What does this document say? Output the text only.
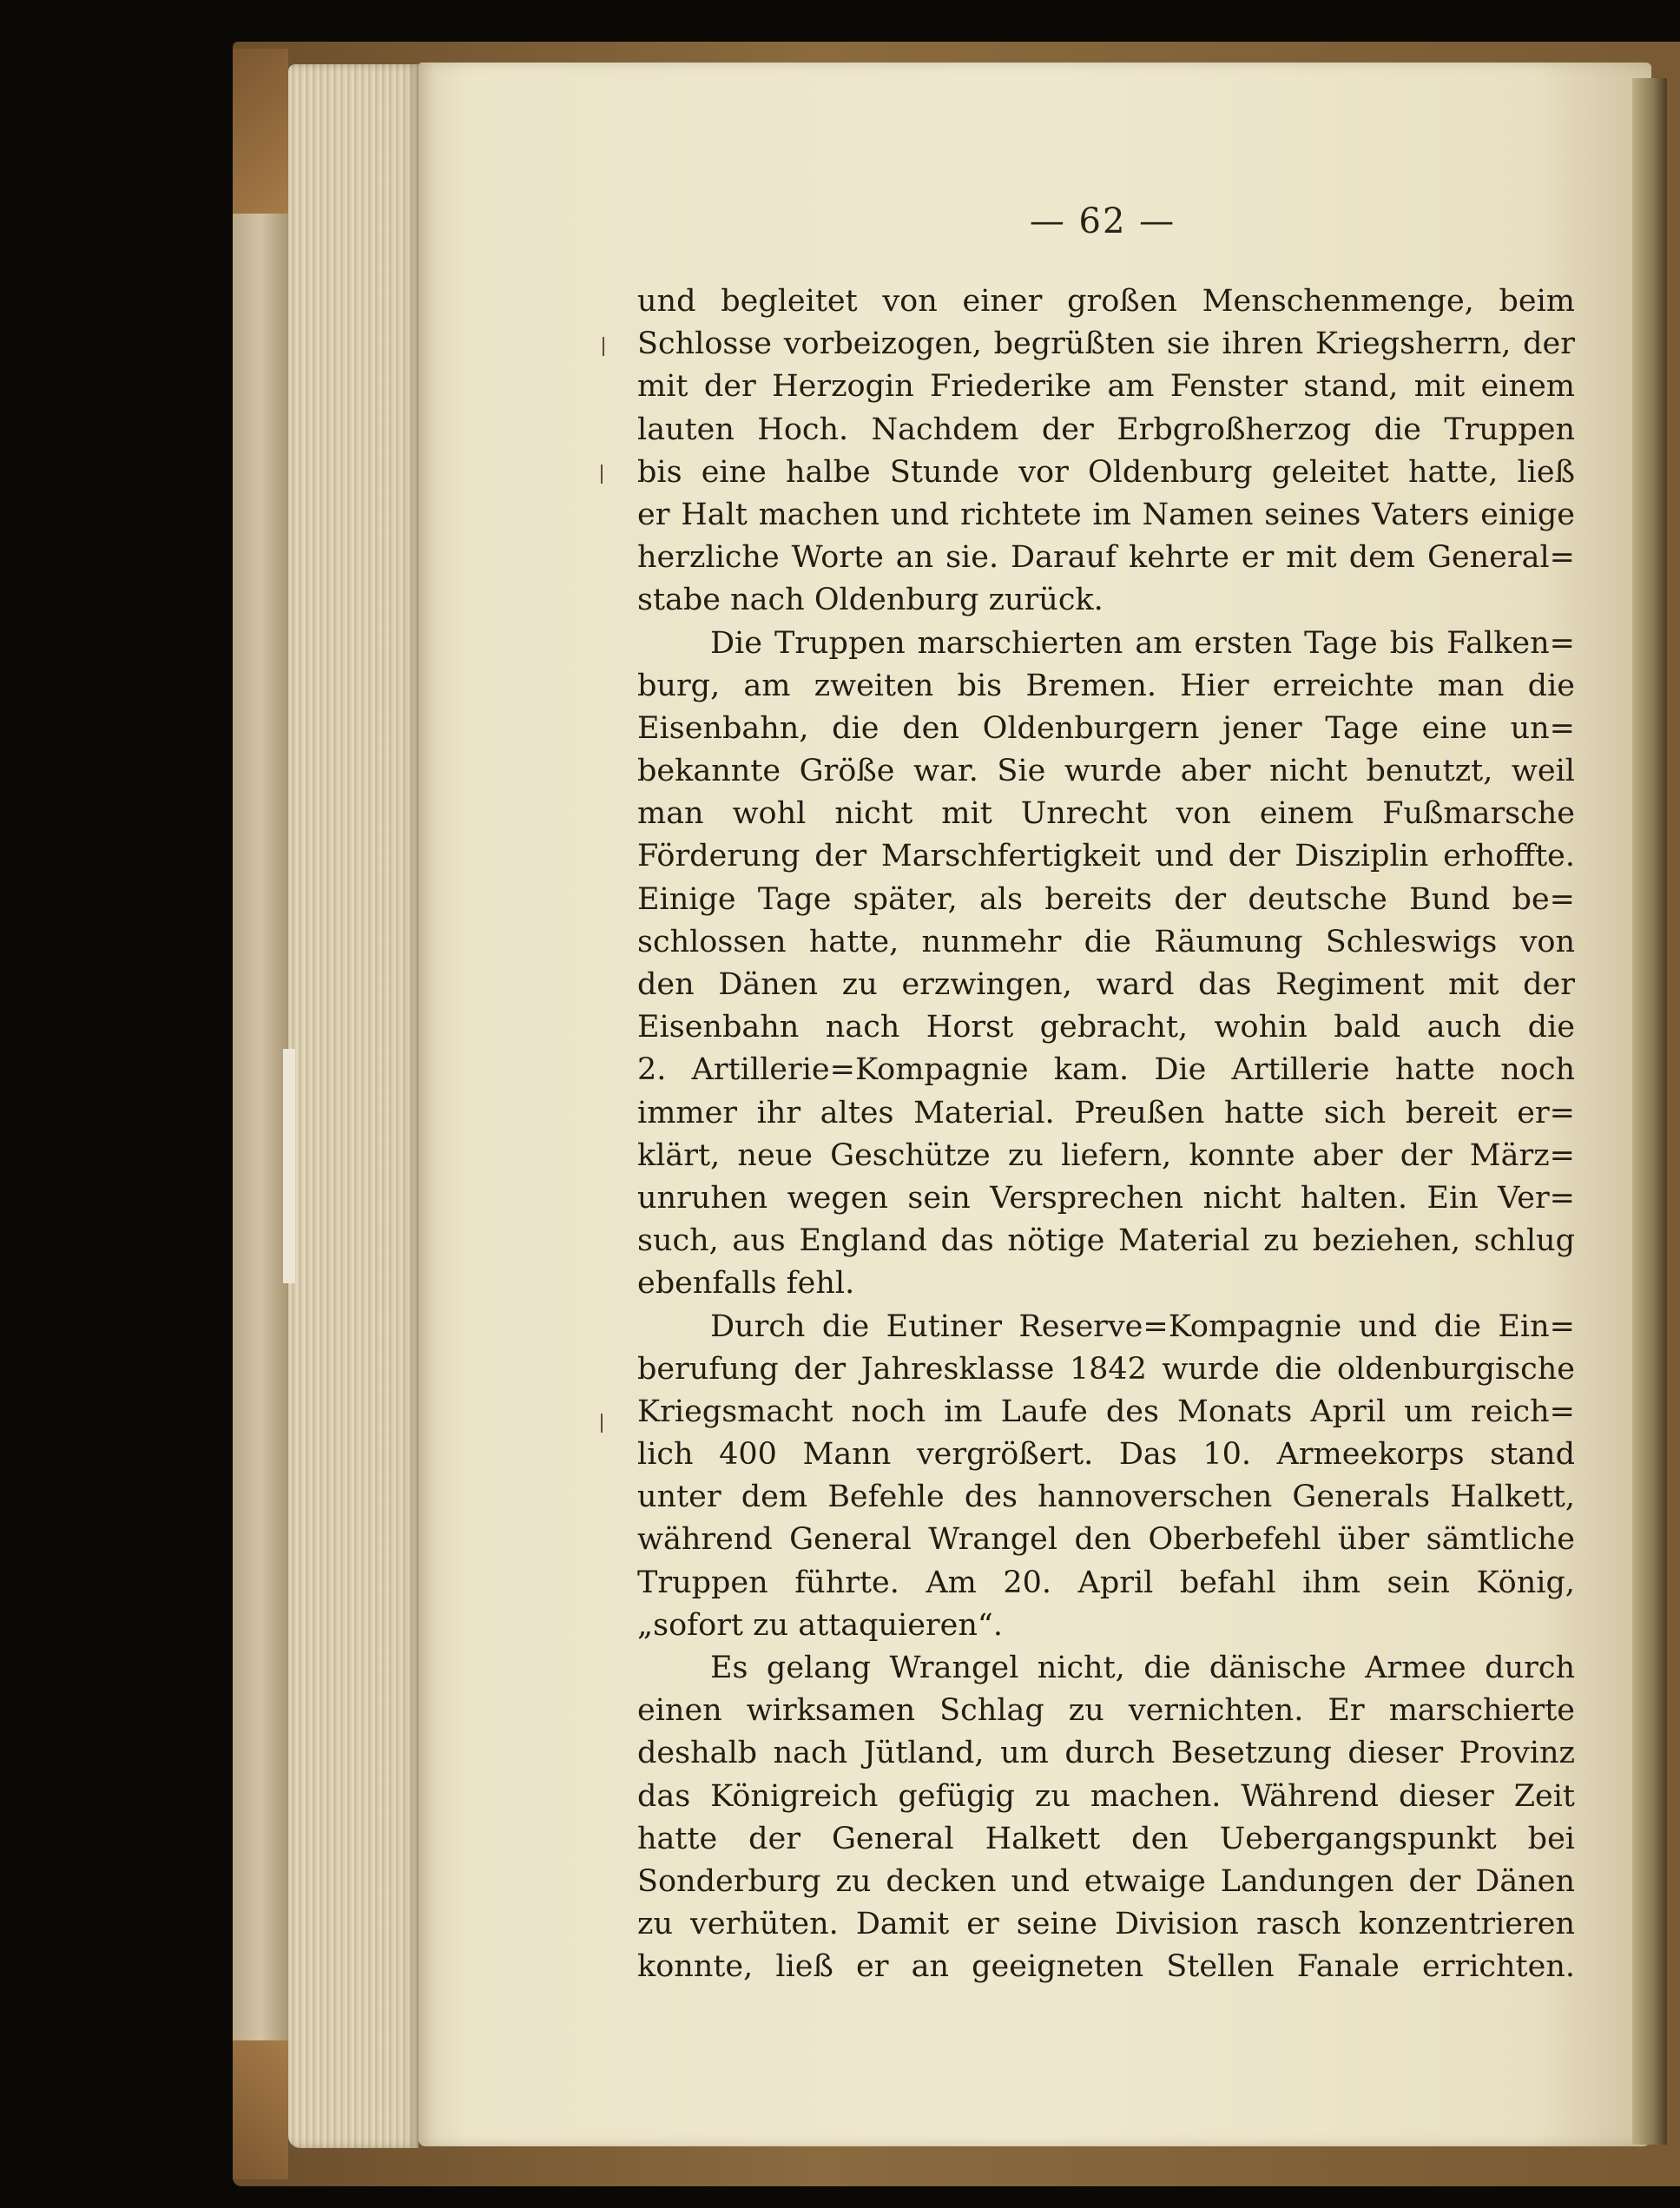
— 62 —
und begleitet von einer großen Menschenmenge, beim
Schlosse vorbeizogen, begrüßten sie ihren Kriegsherrn, der
mit der Herzogin Friederike am Fenster stand, mit einem
lauten Hoch. Nachdem der Erbgroßherzog die Truppen
bis eine halbe Stunde vor Oldenburg geleitet hatte, ließ
er Halt machen und richtete im Namen seines Vaters einige
herzliche Worte an sie. Darauf kehrte er mit dem General=
stabe nach Oldenburg zurück.
Die Truppen marschierten am ersten Tage bis Falken=
burg, am zweiten bis Bremen. Hier erreichte man die
Eisenbahn, die den Oldenburgern jener Tage eine un=
bekannte Größe war. Sie wurde aber nicht benutzt, weil
man wohl nicht mit Unrecht von einem Fußmarsche
Förderung der Marschfertigkeit und der Disziplin erhoffte.
Einige Tage später, als bereits der deutsche Bund be=
schlossen hatte, nunmehr die Räumung Schleswigs von
den Dänen zu erzwingen, ward das Regiment mit der
Eisenbahn nach Horst gebracht, wohin bald auch die
2. Artillerie=Kompagnie kam. Die Artillerie hatte noch
immer ihr altes Material. Preußen hatte sich bereit er=
klärt, neue Geschütze zu liefern, konnte aber der März=
unruhen wegen sein Versprechen nicht halten. Ein Ver=
such, aus England das nötige Material zu beziehen, schlug
ebenfalls fehl.
Durch die Eutiner Reserve=Kompagnie und die Ein=
berufung der Jahresklasse 1842 wurde die oldenburgische
Kriegsmacht noch im Laufe des Monats April um reich=
lich 400 Mann vergrößert. Das 10. Armeekorps stand
unter dem Befehle des hannoverschen Generals Halkett,
während General Wrangel den Oberbefehl über sämtliche
Truppen führte. Am 20. April befahl ihm sein König,
„sofort zu attaquieren“.
Es gelang Wrangel nicht, die dänische Armee durch
einen wirksamen Schlag zu vernichten. Er marschierte
deshalb nach Jütland, um durch Besetzung dieser Provinz
das Königreich gefügig zu machen. Während dieser Zeit
hatte der General Halkett den Uebergangspunkt bei
Sonderburg zu decken und etwaige Landungen der Dänen
zu verhüten. Damit er seine Division rasch konzentrieren
konnte, ließ er an geeigneten Stellen Fanale errichten.
